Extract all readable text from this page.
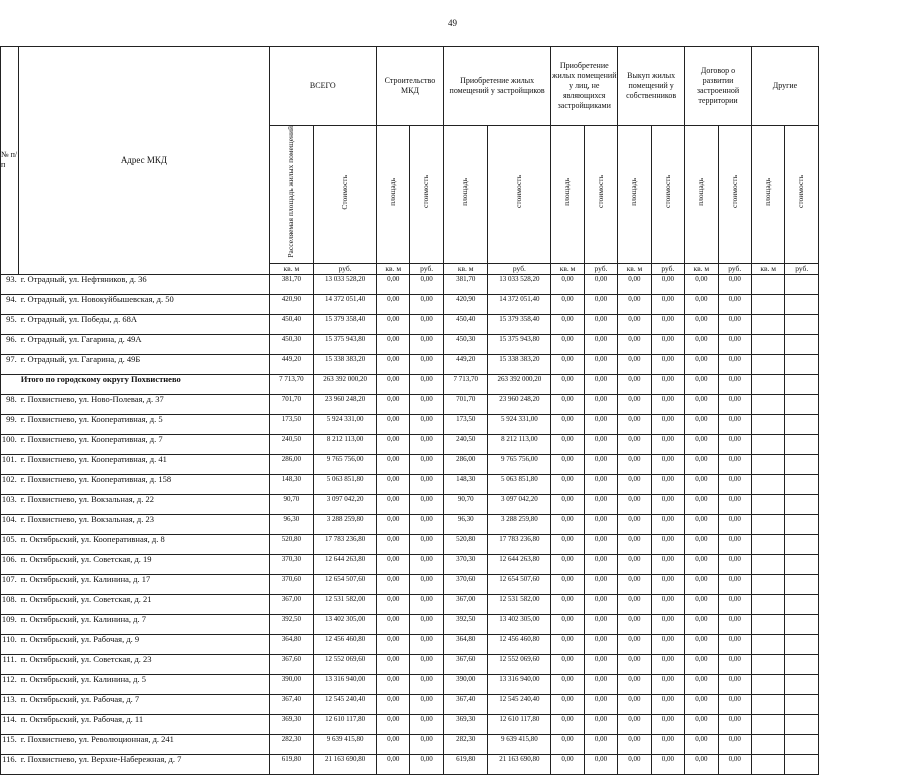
49
№ п/п	Адрес МКД	ВСЕГО		Строительство МКД		Приобретение жилых помещений у застройщиков		Приобретение жилых помещений у лиц, не являющихся застройщиками		Выкуп жилых помещений у собственников		Договор о развитии застроенной территории		Другие	
		Расселяемая площадь жилых помещений	Стоимость	площадь	стоимость	площадь	стоимость	площадь	стоимость	площадь	стоимость	площадь	стоимость	площадь	стоимость
		кв. м	руб.	кв. м	руб.	кв. м	руб.	кв. м	руб.	кв. м	руб.	кв. м	руб.	кв. м	руб.
93.	г. Отрадный, ул. Нефтяников, д. 36	381,70	13 033 528,20	0,00	0,00	381,70	13 033 528,20	0,00	0,00	0,00	0,00	0,00	0,00		
94.	г. Отрадный, ул. Новокуйбышевская, д. 50	420,90	14 372 051,40	0,00	0,00	420,90	14 372 051,40	0,00	0,00	0,00	0,00	0,00	0,00		
95.	г. Отрадный, ул. Победы, д. 68А	450,40	15 379 358,40	0,00	0,00	450,40	15 379 358,40	0,00	0,00	0,00	0,00	0,00	0,00		
96.	г. Отрадный, ул. Гагарина, д. 49А	450,30	15 375 943,80	0,00	0,00	450,30	15 375 943,80	0,00	0,00	0,00	0,00	0,00	0,00		
97.	г. Отрадный, ул. Гагарина, д. 49Б	449,20	15 338 383,20	0,00	0,00	449,20	15 338 383,20	0,00	0,00	0,00	0,00	0,00	0,00		
	Итого по городскому округу Похвистнево	7 713,70	263 392 000,20	0,00	0,00	7 713,70	263 392 000,20	0,00	0,00	0,00	0,00	0,00	0,00		
98.	г. Похвистнево, ул. Ново-Полевая, д. 37	701,70	23 960 248,20	0,00	0,00	701,70	23 960 248,20	0,00	0,00	0,00	0,00	0,00	0,00		
99.	г. Похвистнево, ул. Кооперативная, д. 5	173,50	5 924 331,00	0,00	0,00	173,50	5 924 331,00	0,00	0,00	0,00	0,00	0,00	0,00		
100.	г. Похвистнево, ул. Кооперативная, д. 7	240,50	8 212 113,00	0,00	0,00	240,50	8 212 113,00	0,00	0,00	0,00	0,00	0,00	0,00		
101.	г. Похвистнево, ул. Кооперативная, д. 41	286,00	9 765 756,00	0,00	0,00	286,00	9 765 756,00	0,00	0,00	0,00	0,00	0,00	0,00		
102.	г. Похвистнево, ул. Кооперативная, д. 158	148,30	5 063 851,80	0,00	0,00	148,30	5 063 851,80	0,00	0,00	0,00	0,00	0,00	0,00		
103.	г. Похвистнево, ул. Вокзальная, д. 22	90,70	3 097 042,20	0,00	0,00	90,70	3 097 042,20	0,00	0,00	0,00	0,00	0,00	0,00		
104.	г. Похвистнево, ул. Вокзальная, д. 23	96,30	3 288 259,80	0,00	0,00	96,30	3 288 259,80	0,00	0,00	0,00	0,00	0,00	0,00		
105.	п. Октябрьский, ул. Кооперативная, д. 8	520,80	17 783 236,80	0,00	0,00	520,80	17 783 236,80	0,00	0,00	0,00	0,00	0,00	0,00		
106.	п. Октябрьский, ул. Советская, д. 19	370,30	12 644 263,80	0,00	0,00	370,30	12 644 263,80	0,00	0,00	0,00	0,00	0,00	0,00		
107.	п. Октябрьский, ул. Калинина, д. 17	370,60	12 654 507,60	0,00	0,00	370,60	12 654 507,60	0,00	0,00	0,00	0,00	0,00	0,00		
108.	п. Октябрьский, ул. Советская, д. 21	367,00	12 531 582,00	0,00	0,00	367,00	12 531 582,00	0,00	0,00	0,00	0,00	0,00	0,00		
109.	п. Октябрьский, ул. Калинина, д. 7	392,50	13 402 305,00	0,00	0,00	392,50	13 402 305,00	0,00	0,00	0,00	0,00	0,00	0,00		
110.	п. Октябрьский, ул. Рабочая, д. 9	364,80	12 456 460,80	0,00	0,00	364,80	12 456 460,80	0,00	0,00	0,00	0,00	0,00	0,00		
111.	п. Октябрьский, ул. Советская, д. 23	367,60	12 552 069,60	0,00	0,00	367,60	12 552 069,60	0,00	0,00	0,00	0,00	0,00	0,00		
112.	п. Октябрьский, ул. Калинина, д. 5	390,00	13 316 940,00	0,00	0,00	390,00	13 316 940,00	0,00	0,00	0,00	0,00	0,00	0,00		
113.	п. Октябрьский, ул. Рабочая, д. 7	367,40	12 545 240,40	0,00	0,00	367,40	12 545 240,40	0,00	0,00	0,00	0,00	0,00	0,00		
114.	п. Октябрьский, ул. Рабочая, д. 11	369,30	12 610 117,80	0,00	0,00	369,30	12 610 117,80	0,00	0,00	0,00	0,00	0,00	0,00		
115.	г. Похвистнево, ул. Революционная, д. 241	282,30	9 639 415,80	0,00	0,00	282,30	9 639 415,80	0,00	0,00	0,00	0,00	0,00	0,00		
116.	г. Похвистнево, ул. Верхне-Набережная, д. 7	619,80	21 163 690,80	0,00	0,00	619,80	21 163 690,80	0,00	0,00	0,00	0,00	0,00	0,00		
